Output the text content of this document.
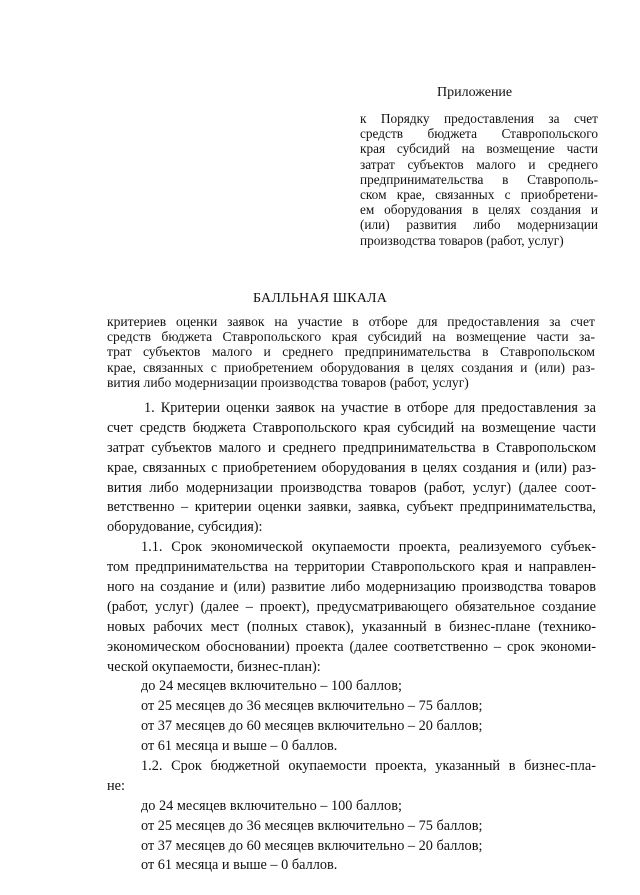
Приложение
к Порядку предоставления за счет
средств бюджета Ставропольского
края субсидий на возмещение части
затрат субъектов малого и среднего
предпринимательства в Ставрополь-
ском крае, связанных с приобретени-
ем оборудования в целях создания и
(или) развития либо модернизации
производства товаров (работ, услуг)
БАЛЛЬНАЯ ШКАЛА
критериев оценки заявок на участие в отборе для предоставления за счет
средств бюджета Ставропольского края субсидий на возмещение части за-
трат субъектов малого и среднего предпринимательства в Ставропольском
крае, связанных с приобретением оборудования в целях создания и (или) раз-
вития либо модернизации производства товаров (работ, услуг)
1. Критерии оценки заявок на участие в отборе для предоставления за
счет средств бюджета Ставропольского края субсидий на возмещение части
затрат субъектов малого и среднего предпринимательства в Ставропольском
крае, связанных с приобретением оборудования в целях создания и (или) раз-
вития либо модернизации производства товаров (работ, услуг) (далее соот-
ветственно – критерии оценки заявки, заявка, субъект предпринимательства,
оборудование, субсидия):
1.1. Срок экономической окупаемости проекта, реализуемого субъек-
том предпринимательства на территории Ставропольского края и направлен-
ного на создание и (или) развитие либо модернизацию производства товаров
(работ, услуг) (далее – проект), предусматривающего обязательное создание
новых рабочих мест (полных ставок), указанный в бизнес-плане (технико-
экономическом обосновании) проекта (далее соответственно – срок экономи-
ческой окупаемости, бизнес-план):
до 24 месяцев включительно – 100 баллов;
от 25 месяцев до 36 месяцев включительно – 75 баллов;
от 37 месяцев до 60 месяцев включительно – 20 баллов;
от 61 месяца и выше – 0 баллов.
1.2. Срок бюджетной окупаемости проекта, указанный в бизнес-пла-
не:
до 24 месяцев включительно – 100 баллов;
от 25 месяцев до 36 месяцев включительно – 75 баллов;
от 37 месяцев до 60 месяцев включительно – 20 баллов;
от 61 месяца и выше – 0 баллов.
